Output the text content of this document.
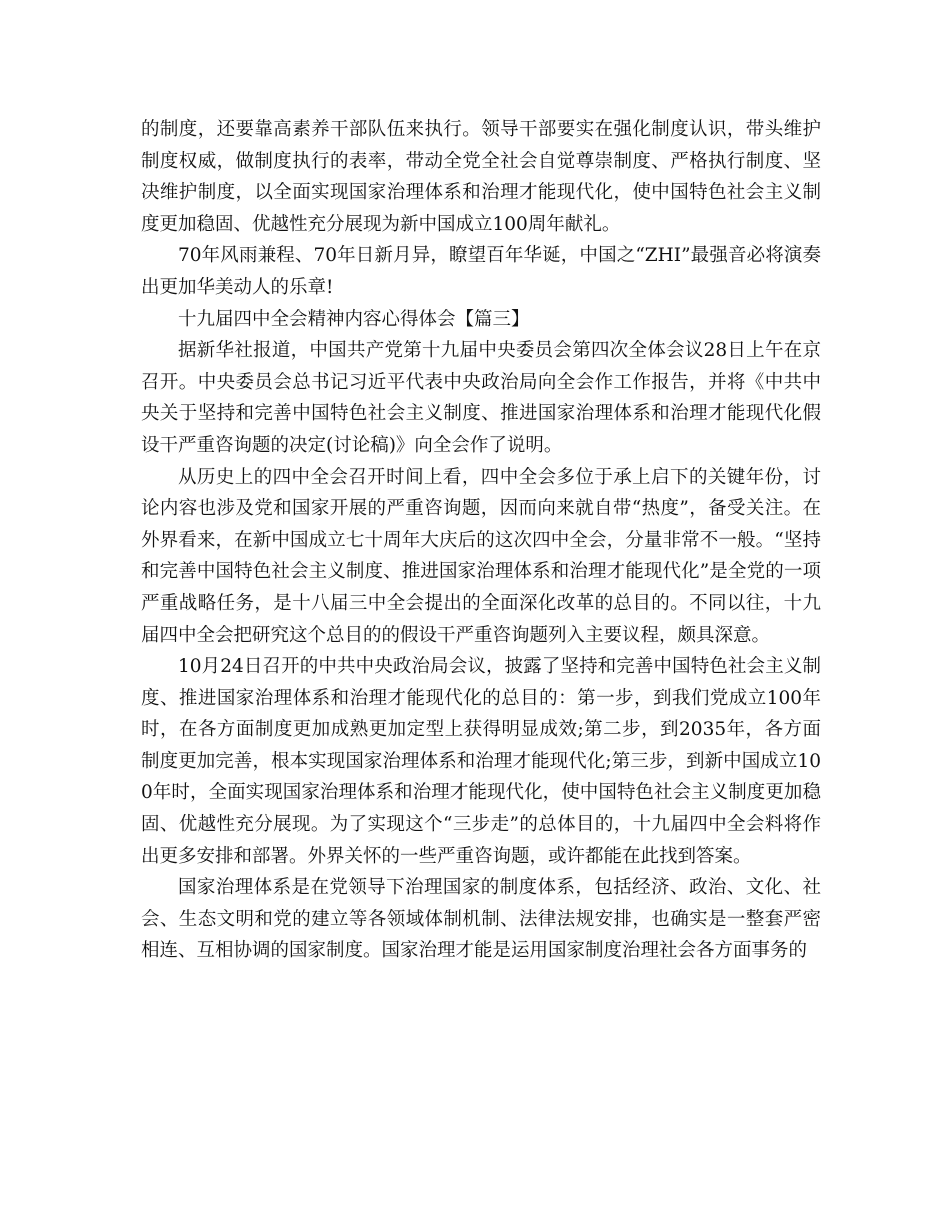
的制度，还要靠高素养干部队伍来执行。领导干部要实在强化制度认识，带头维护制度权威，做制度执行的表率，带动全党全社会自觉尊崇制度、严格执行制度、坚决维护制度，以全面实现国家治理体系和治理才能现代化，使中国特色社会主义制度更加稳固、优越性充分展现为新中国成立100周年献礼。

70年风雨兼程、70年日新月异，瞭望百年华诞，中国之“ZHI”最强音必将演奏出更加华美动人的乐章!

十九届四中全会精神内容心得体会【篇三】

据新华社报道，中国共产党第十九届中央委员会第四次全体会议28日上午在京召开。中央委员会总书记习近平代表中央政治局向全会作工作报告，并将《中共中央关于坚持和完善中国特色社会主义制度、推进国家治理体系和治理才能现代化假设干严重咨询题的决定(讨论稿)》向全会作了说明。

从历史上的四中全会召开时间上看，四中全会多位于承上启下的关键年份，讨论内容也涉及党和国家开展的严重咨询题，因而向来就自带“热度”，备受关注。在外界看来，在新中国成立七十周年大庆后的这次四中全会，分量非常不一般。“坚持和完善中国特色社会主义制度、推进国家治理体系和治理才能现代化”是全党的一项严重战略任务，是十八届三中全会提出的全面深化改革的总目的。不同以往，十九届四中全会把研究这个总目的的假设干严重咨询题列入主要议程，颇具深意。

10月24日召开的中共中央政治局会议，披露了坚持和完善中国特色社会主义制度、推进国家治理体系和治理才能现代化的总目的：第一步，到我们党成立100年时，在各方面制度更加成熟更加定型上获得明显成效;第二步，到2035年，各方面制度更加完善，根本实现国家治理体系和治理才能现代化;第三步，到新中国成立100年时，全面实现国家治理体系和治理才能现代化，使中国特色社会主义制度更加稳固、优越性充分展现。为了实现这个“三步走”的总体目的，十九届四中全会料将作出更多安排和部署。外界关怀的一些严重咨询题，或许都能在此找到答案。

国家治理体系是在党领导下治理国家的制度体系，包括经济、政治、文化、社会、生态文明和党的建立等各领域体制机制、法律法规安排，也确实是一整套严密相连、互相协调的国家制度。国家治理才能是运用国家制度治理社会各方面事务的
